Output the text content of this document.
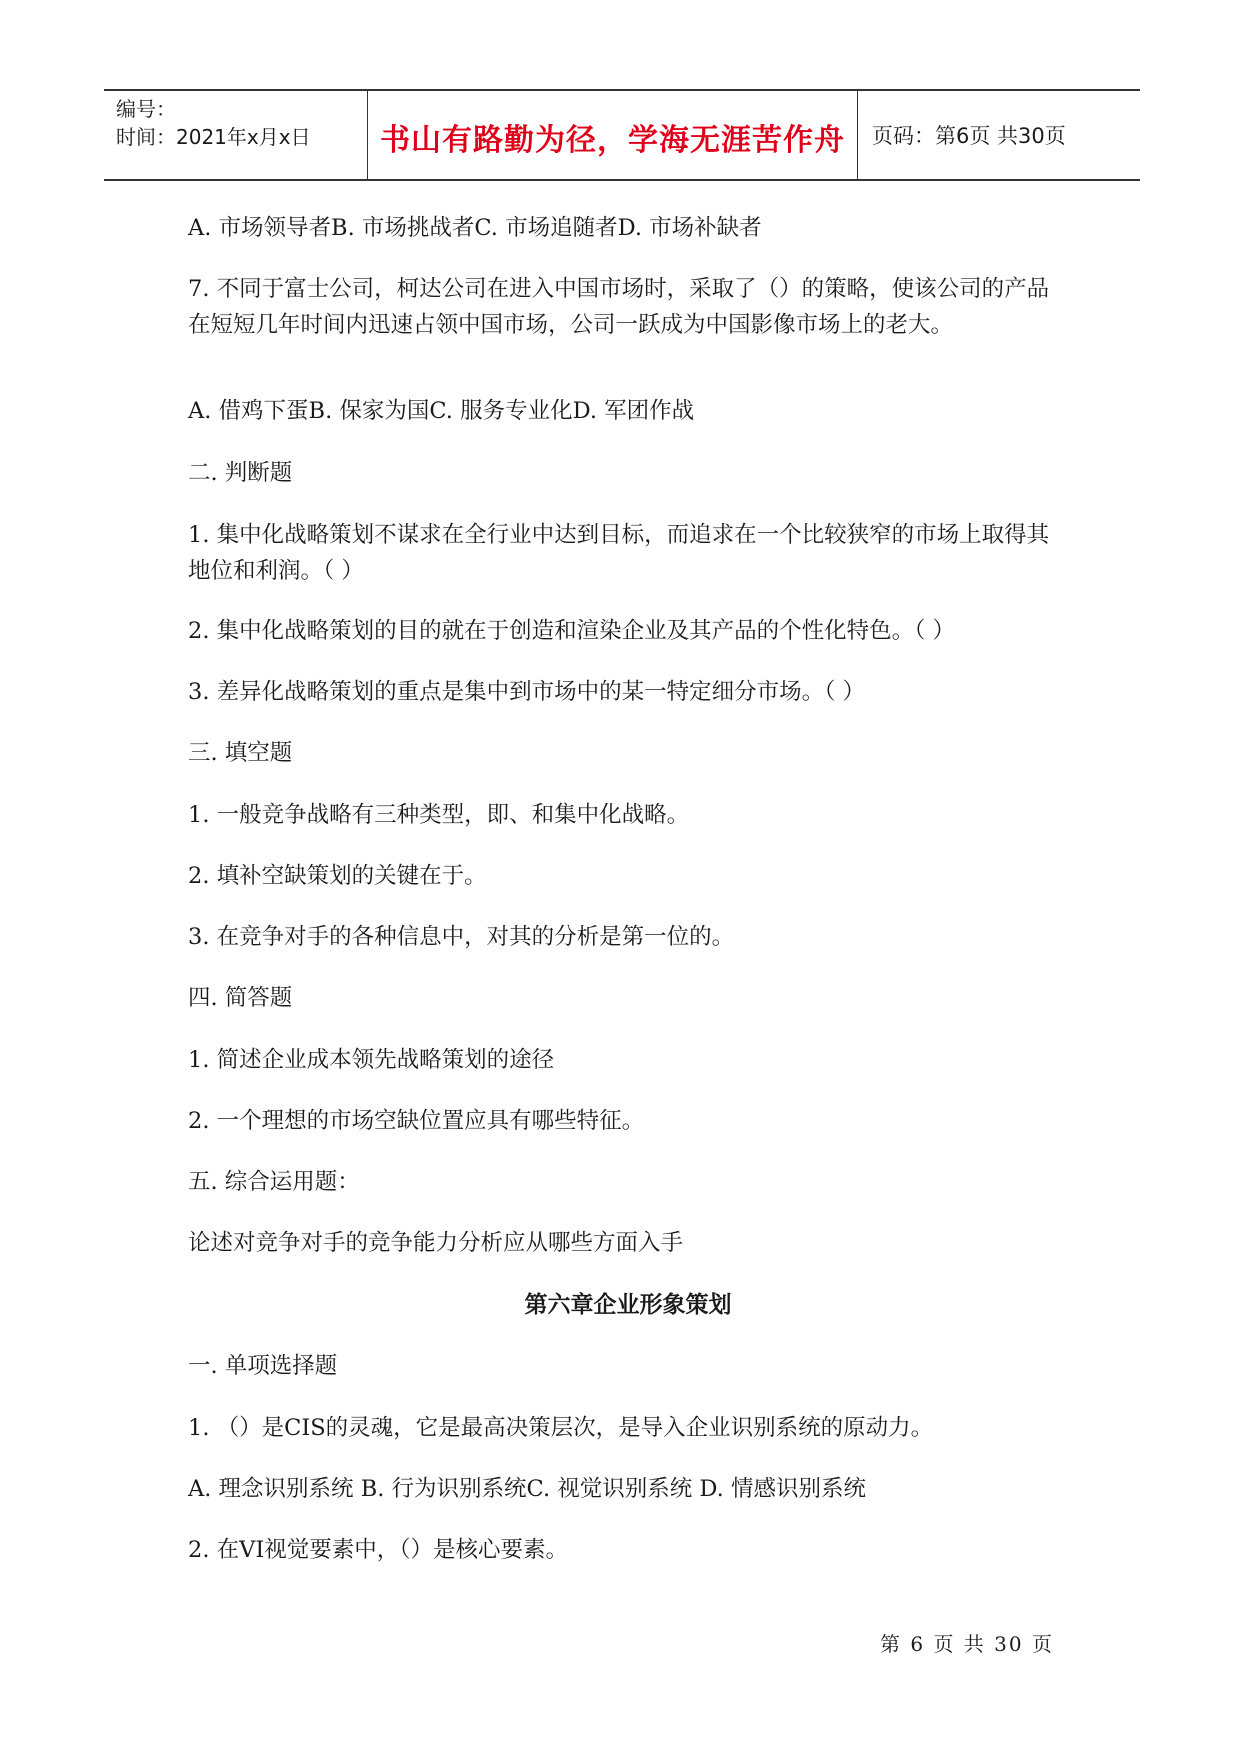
编号：
时间：2021年x月x日 书山有路勤为径，学海无涯苦作舟 页码：第6页 共30页
A. 市场领导者B. 市场挑战者C. 市场追随者D. 市场补缺者
7. 不同于富士公司，柯达公司在进入中国市场时，采取了（）的策略，使该公司的产品在短短几年时间内迅速占领中国市场，公司一跃成为中国影像市场上的老大。
A. 借鸡下蛋B. 保家为国C. 服务专业化D. 军团作战
二. 判断题
1. 集中化战略策划不谋求在全行业中达到目标，而追求在一个比较狭窄的市场上取得其地位和利润。（ ）
2. 集中化战略策划的目的就在于创造和渲染企业及其产品的个性化特色。（ ）
3. 差异化战略策划的重点是集中到市场中的某一特定细分市场。（ ）
三. 填空题
1. 一般竞争战略有三种类型，即、和集中化战略。
2. 填补空缺策划的关键在于。
3. 在竞争对手的各种信息中，对其的分析是第一位的。
四. 简答题
1. 简述企业成本领先战略策划的途径
2. 一个理想的市场空缺位置应具有哪些特征。
五. 综合运用题：
论述对竞争对手的竞争能力分析应从哪些方面入手
第六章企业形象策划
一. 单项选择题
1. （）是CIS的灵魂，它是最高决策层次，是导入企业识别系统的原动力。
A. 理念识别系统 B. 行为识别系统C. 视觉识别系统 D. 情感识别系统
2. 在VI视觉要素中，（）是核心要素。
第 6 页 共 30 页
